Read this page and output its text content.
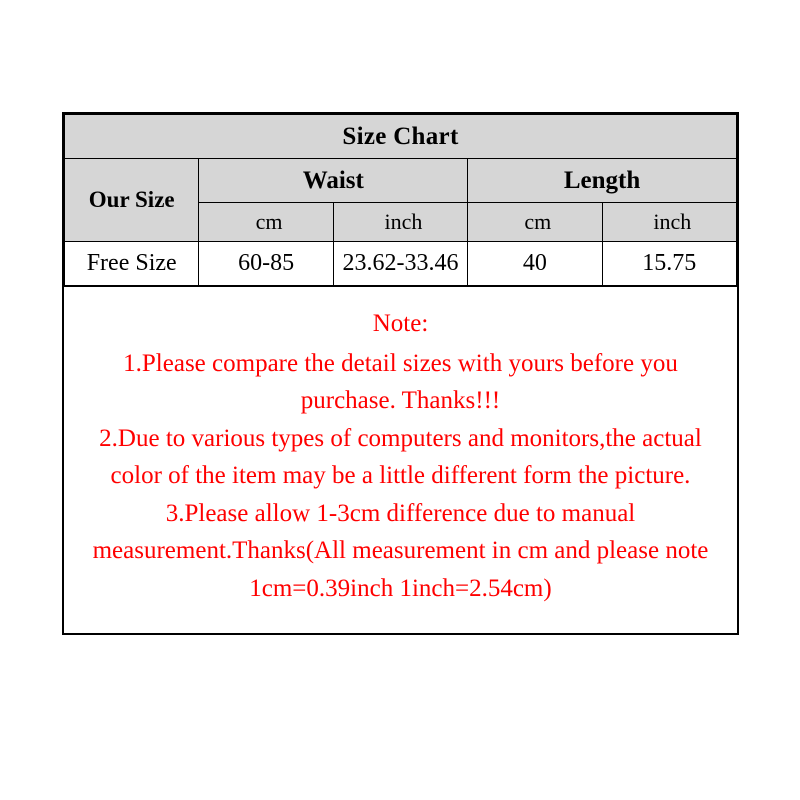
Size Chart				
Our Size	Waist		Length	
	cm	inch	cm	inch
Free Size	60-85	23.62-33.46	40	15.75
Note:
1.Please compare the detail sizes with yours before you purchase. Thanks!!!
2.Due to various types of computers and monitors,the actual color of the item may be a little different form the picture.
3.Please allow 1-3cm difference due to manual measurement.Thanks(All measurement in cm and please note 1cm=0.39inch 1inch=2.54cm)
